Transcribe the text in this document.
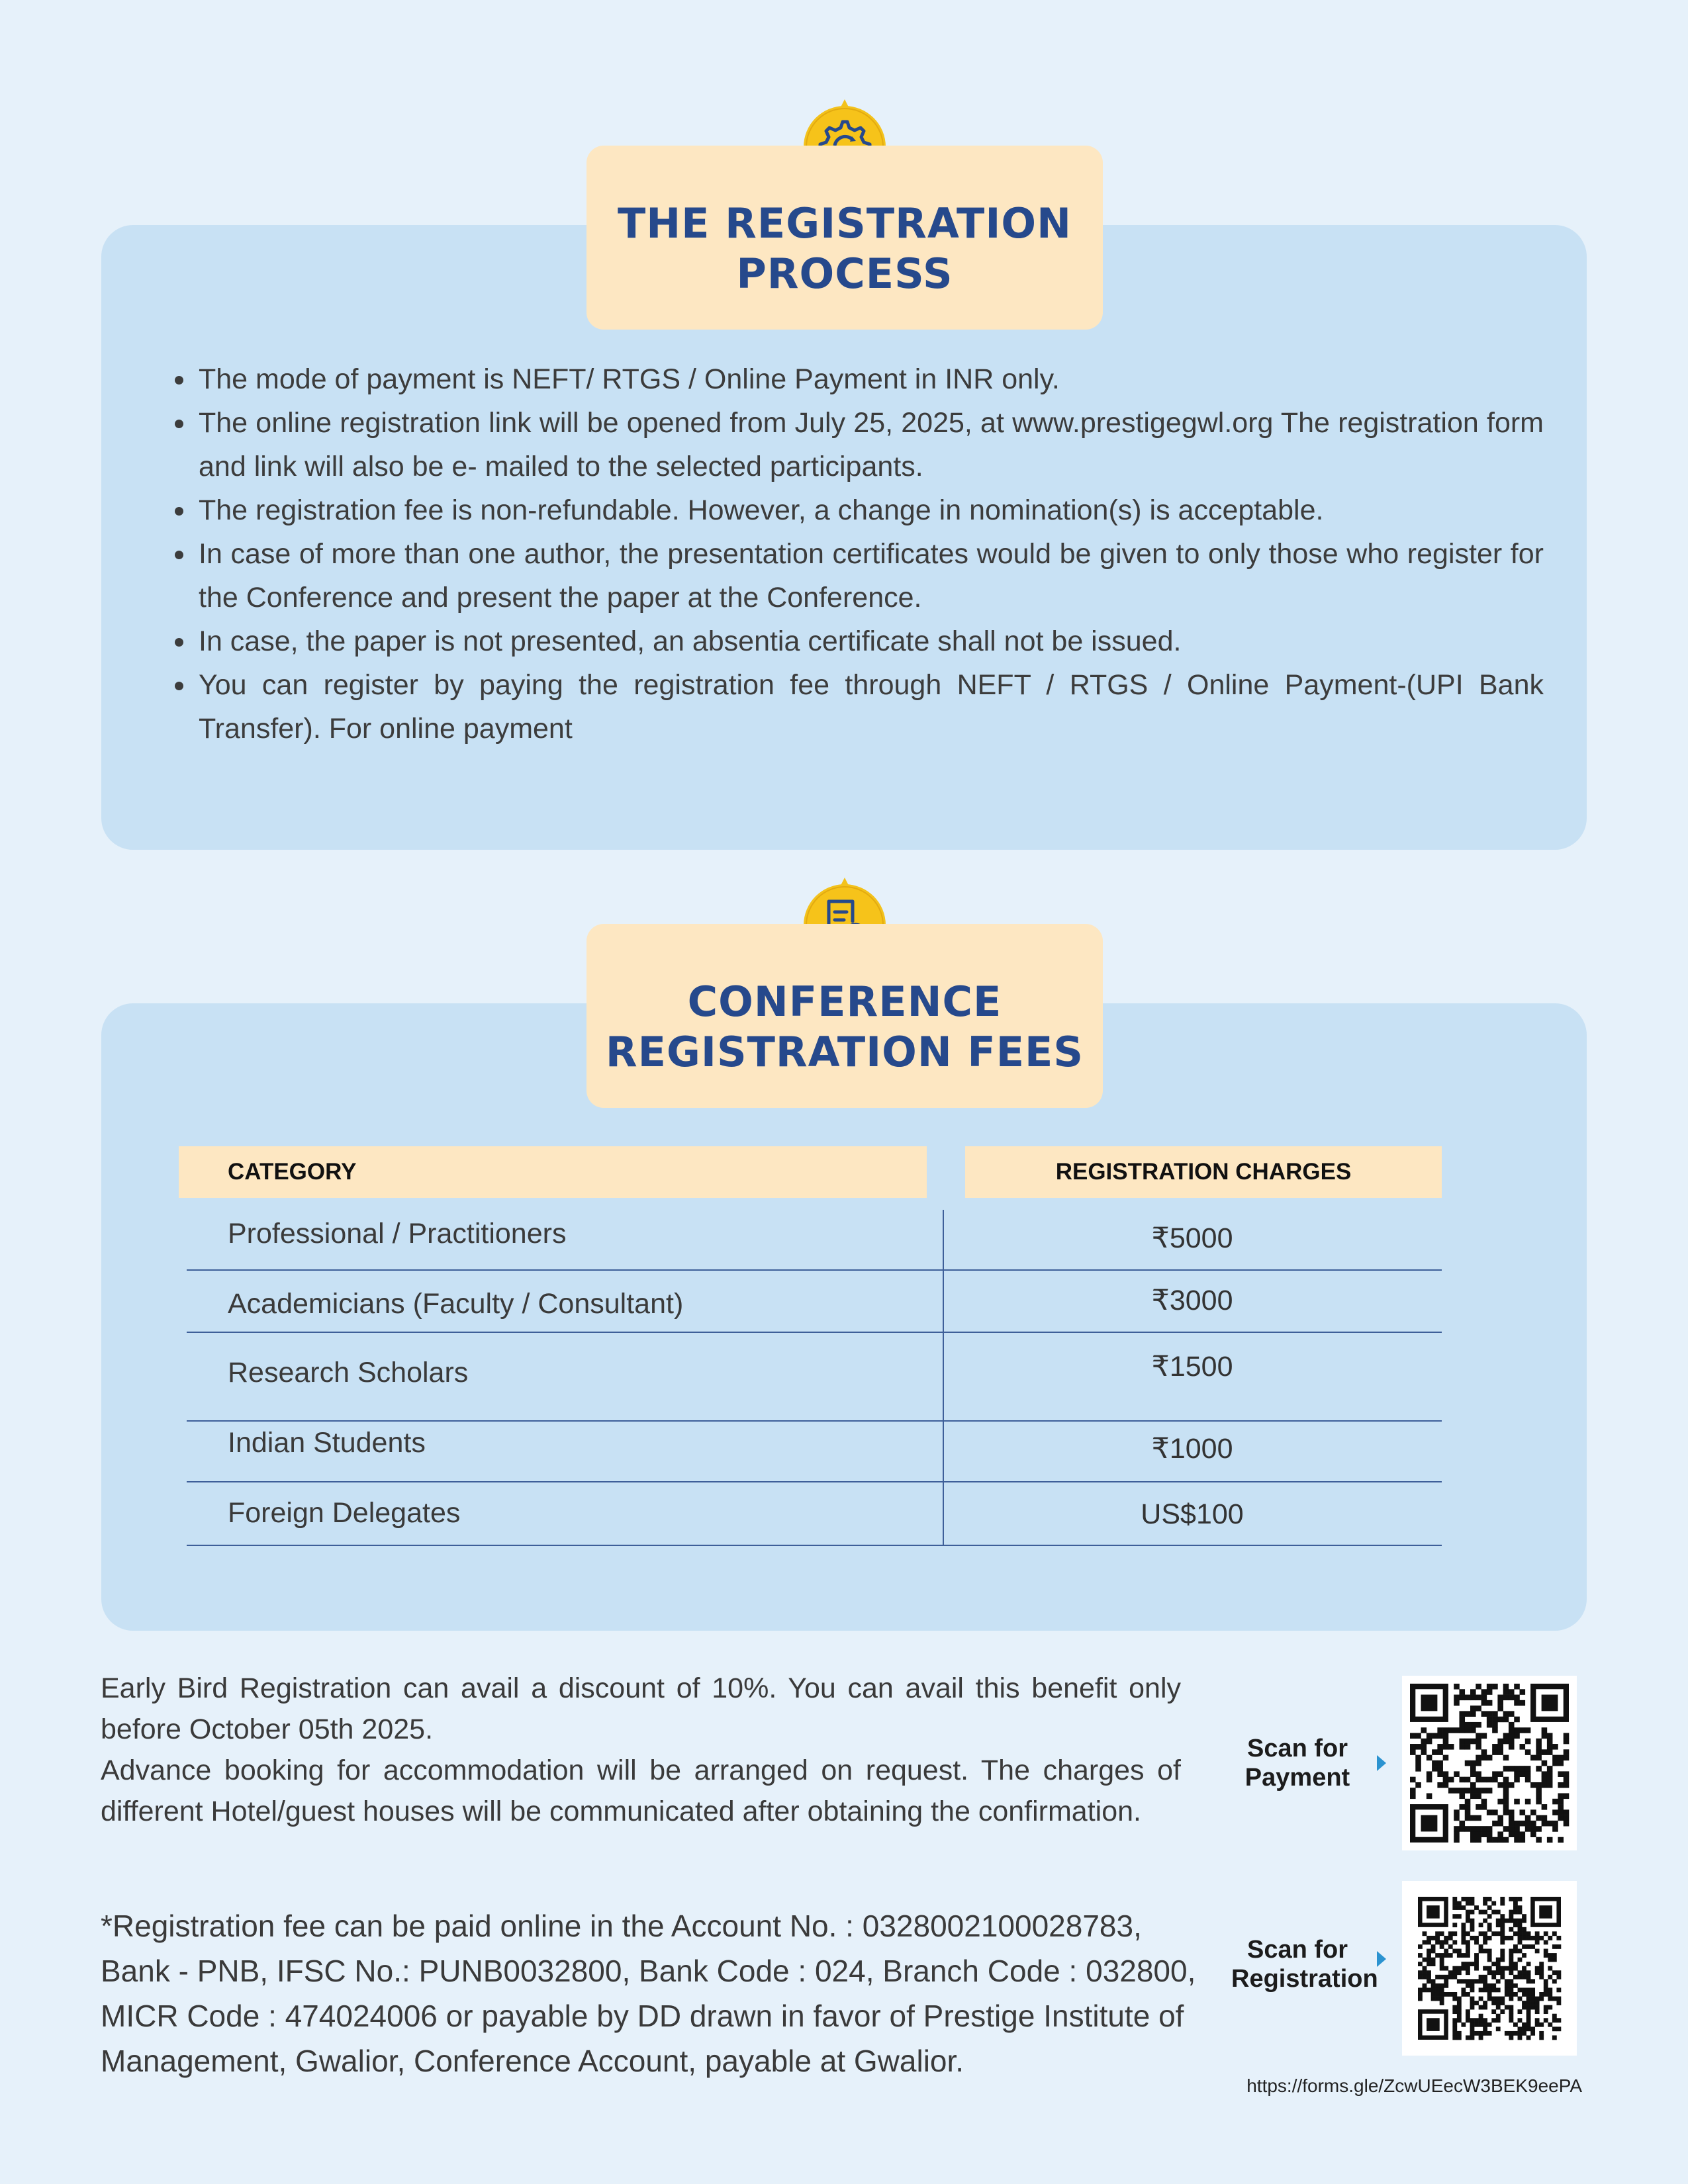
THE REGISTRATION
PROCESS
• The mode of payment is NEFT/ RTGS / Online Payment in INR only.
• The online registration link will be opened from July 25, 2025, at www.prestigegwl.org The registration form and link will also be e- mailed to the selected participants.
• The registration fee is non-refundable. However, a change in nomination(s) is acceptable.
• In case of more than one author, the presentation certificates would be given to only those who register for the Conference and present the paper at the Conference.
• In case, the paper is not presented, an absentia certificate shall not be issued.
• You can register by paying the registration fee through NEFT / RTGS / Online Payment-(UPI Bank Transfer). For online payment
CONFERENCE
REGISTRATION FEES
CATEGORY	REGISTRATION CHARGES
Professional / Practitioners	₹5000
Academicians (Faculty / Consultant)	₹3000
Research Scholars	₹1500
Indian Students	₹1000
Foreign Delegates	US$100
Early Bird Registration can avail a discount of 10%. You can avail this benefit only before October 05th 2025.
Advance booking for accommodation will be arranged on request. The charges of different Hotel/guest houses will be communicated after obtaining the confirmation.

*Registration fee can be paid online in the Account No. : 0328002100028783, Bank - PNB, IFSC No.: PUNB0032800, Bank Code : 024, Branch Code : 032800, MICR Code : 474024006 or payable by DD drawn in favor of Prestige Institute of Management, Gwalior, Conference Account, payable at Gwalior.

Scan for
Payment
Scan for
Registration
https://forms.gle/ZcwUEecW3BEK9eePA
